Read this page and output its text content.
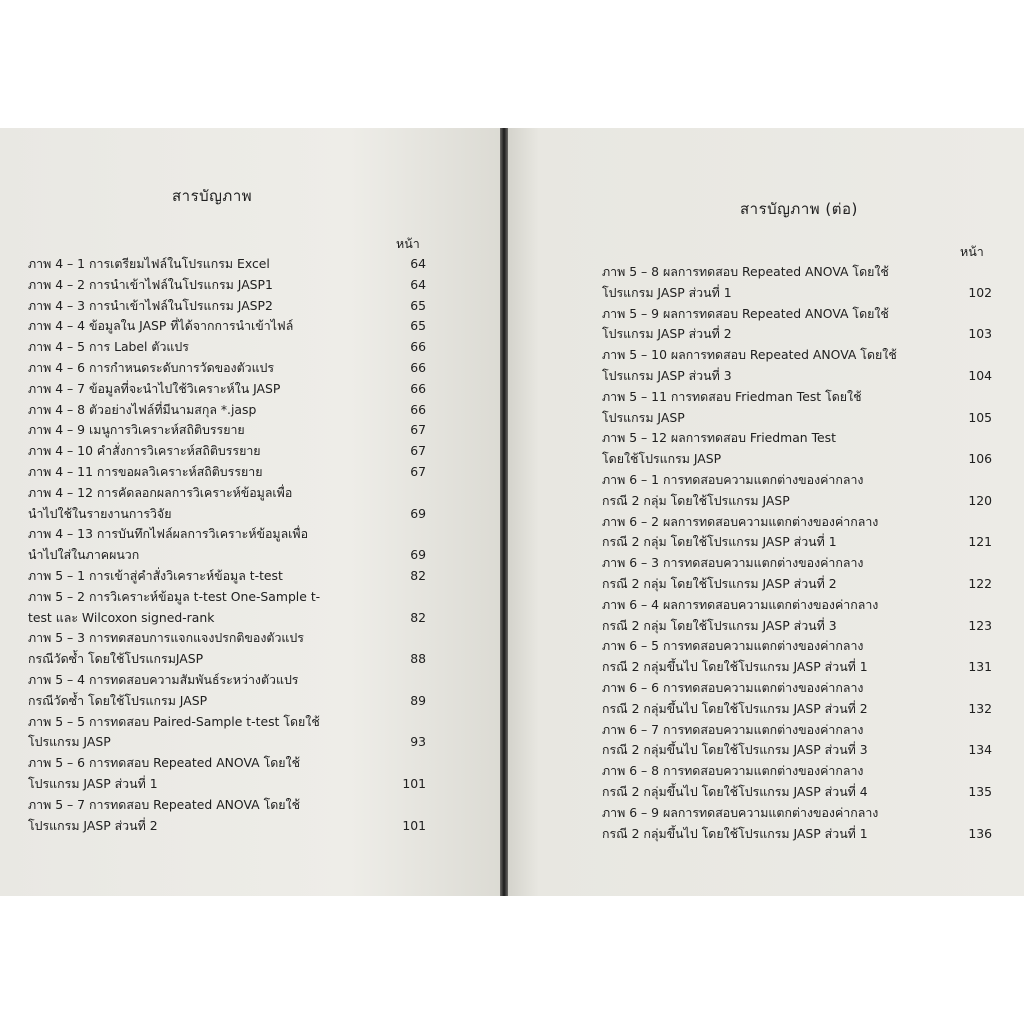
สารบัญภาพ
หน้า
ภาพ 4 – 1 การเตรียมไฟล์ในโปรแกรม Excel	64
ภาพ 4 – 2 การนำเข้าไฟล์ในโปรแกรม JASP1	64
ภาพ 4 – 3 การนำเข้าไฟล์ในโปรแกรม JASP2	65
ภาพ 4 – 4 ข้อมูลใน JASP ที่ได้จากการนำเข้าไฟล์	65
ภาพ 4 – 5 การ Label ตัวแปร	66
ภาพ 4 – 6 การกำหนดระดับการวัดของตัวแปร	66
ภาพ 4 – 7 ข้อมูลที่จะนำไปใช้วิเคราะห์ใน JASP	66
ภาพ 4 – 8 ตัวอย่างไฟล์ที่มีนามสกุล *.jasp	66
ภาพ 4 – 9 เมนูการวิเคราะห์สถิติบรรยาย	67
ภาพ 4 – 10 คำสั่งการวิเคราะห์สถิติบรรยาย	67
ภาพ 4 – 11 การขอผลวิเคราะห์สถิติบรรยาย	67
ภาพ 4 – 12 การคัดลอกผลการวิเคราะห์ข้อมูลเพื่อ
นำไปใช้ในรายงานการวิจัย	69
ภาพ 4 – 13 การบันทึกไฟล์ผลการวิเคราะห์ข้อมูลเพื่อ
นำไปใส่ในภาคผนวก	69
ภาพ 5 – 1 การเข้าสู่คำสั่งวิเคราะห์ข้อมูล t-test	82
ภาพ 5 – 2 การวิเคราะห์ข้อมูล t-test One-Sample t-
test และ Wilcoxon signed-rank	82
ภาพ 5 – 3 การทดสอบการแจกแจงปรกติของตัวแปร
กรณีวัดซ้ำ โดยใช้โปรแกรมJASP	88
ภาพ 5 – 4 การทดสอบความสัมพันธ์ระหว่างตัวแปร
กรณีวัดซ้ำ โดยใช้โปรแกรม JASP	89
ภาพ 5 – 5 การทดสอบ Paired-Sample t-test โดยใช้
โปรแกรม JASP	93
ภาพ 5 – 6 การทดสอบ Repeated ANOVA โดยใช้
โปรแกรม JASP ส่วนที่ 1	101
ภาพ 5 – 7 การทดสอบ Repeated ANOVA โดยใช้
โปรแกรม JASP ส่วนที่ 2	101
สารบัญภาพ (ต่อ)
หน้า
ภาพ 5 – 8 ผลการทดสอบ Repeated ANOVA โดยใช้
โปรแกรม JASP ส่วนที่ 1	102
ภาพ 5 – 9 ผลการทดสอบ Repeated ANOVA โดยใช้
โปรแกรม JASP ส่วนที่ 2	103
ภาพ 5 – 10 ผลการทดสอบ Repeated ANOVA โดยใช้
โปรแกรม JASP ส่วนที่ 3	104
ภาพ 5 – 11 การทดสอบ Friedman Test โดยใช้
โปรแกรม JASP	105
ภาพ 5 – 12 ผลการทดสอบ Friedman Test
โดยใช้โปรแกรม JASP	106
ภาพ 6 – 1 การทดสอบความแตกต่างของค่ากลาง
กรณี 2 กลุ่ม โดยใช้โปรแกรม JASP	120
ภาพ 6 – 2 ผลการทดสอบความแตกต่างของค่ากลาง
กรณี 2 กลุ่ม โดยใช้โปรแกรม JASP ส่วนที่ 1	121
ภาพ 6 – 3 การทดสอบความแตกต่างของค่ากลาง
กรณี 2 กลุ่ม โดยใช้โปรแกรม JASP ส่วนที่ 2	122
ภาพ 6 – 4 ผลการทดสอบความแตกต่างของค่ากลาง
กรณี 2 กลุ่ม โดยใช้โปรแกรม JASP ส่วนที่ 3	123
ภาพ 6 – 5 การทดสอบความแตกต่างของค่ากลาง
กรณี 2 กลุ่มขึ้นไป โดยใช้โปรแกรม JASP ส่วนที่ 1	131
ภาพ 6 – 6 การทดสอบความแตกต่างของค่ากลาง
กรณี 2 กลุ่มขึ้นไป โดยใช้โปรแกรม JASP ส่วนที่ 2	132
ภาพ 6 – 7 การทดสอบความแตกต่างของค่ากลาง
กรณี 2 กลุ่มขึ้นไป โดยใช้โปรแกรม JASP ส่วนที่ 3	134
ภาพ 6 – 8 การทดสอบความแตกต่างของค่ากลาง
กรณี 2 กลุ่มขึ้นไป โดยใช้โปรแกรม JASP ส่วนที่ 4	135
ภาพ 6 – 9 ผลการทดสอบความแตกต่างของค่ากลาง
กรณี 2 กลุ่มขึ้นไป โดยใช้โปรแกรม JASP ส่วนที่ 1	136
